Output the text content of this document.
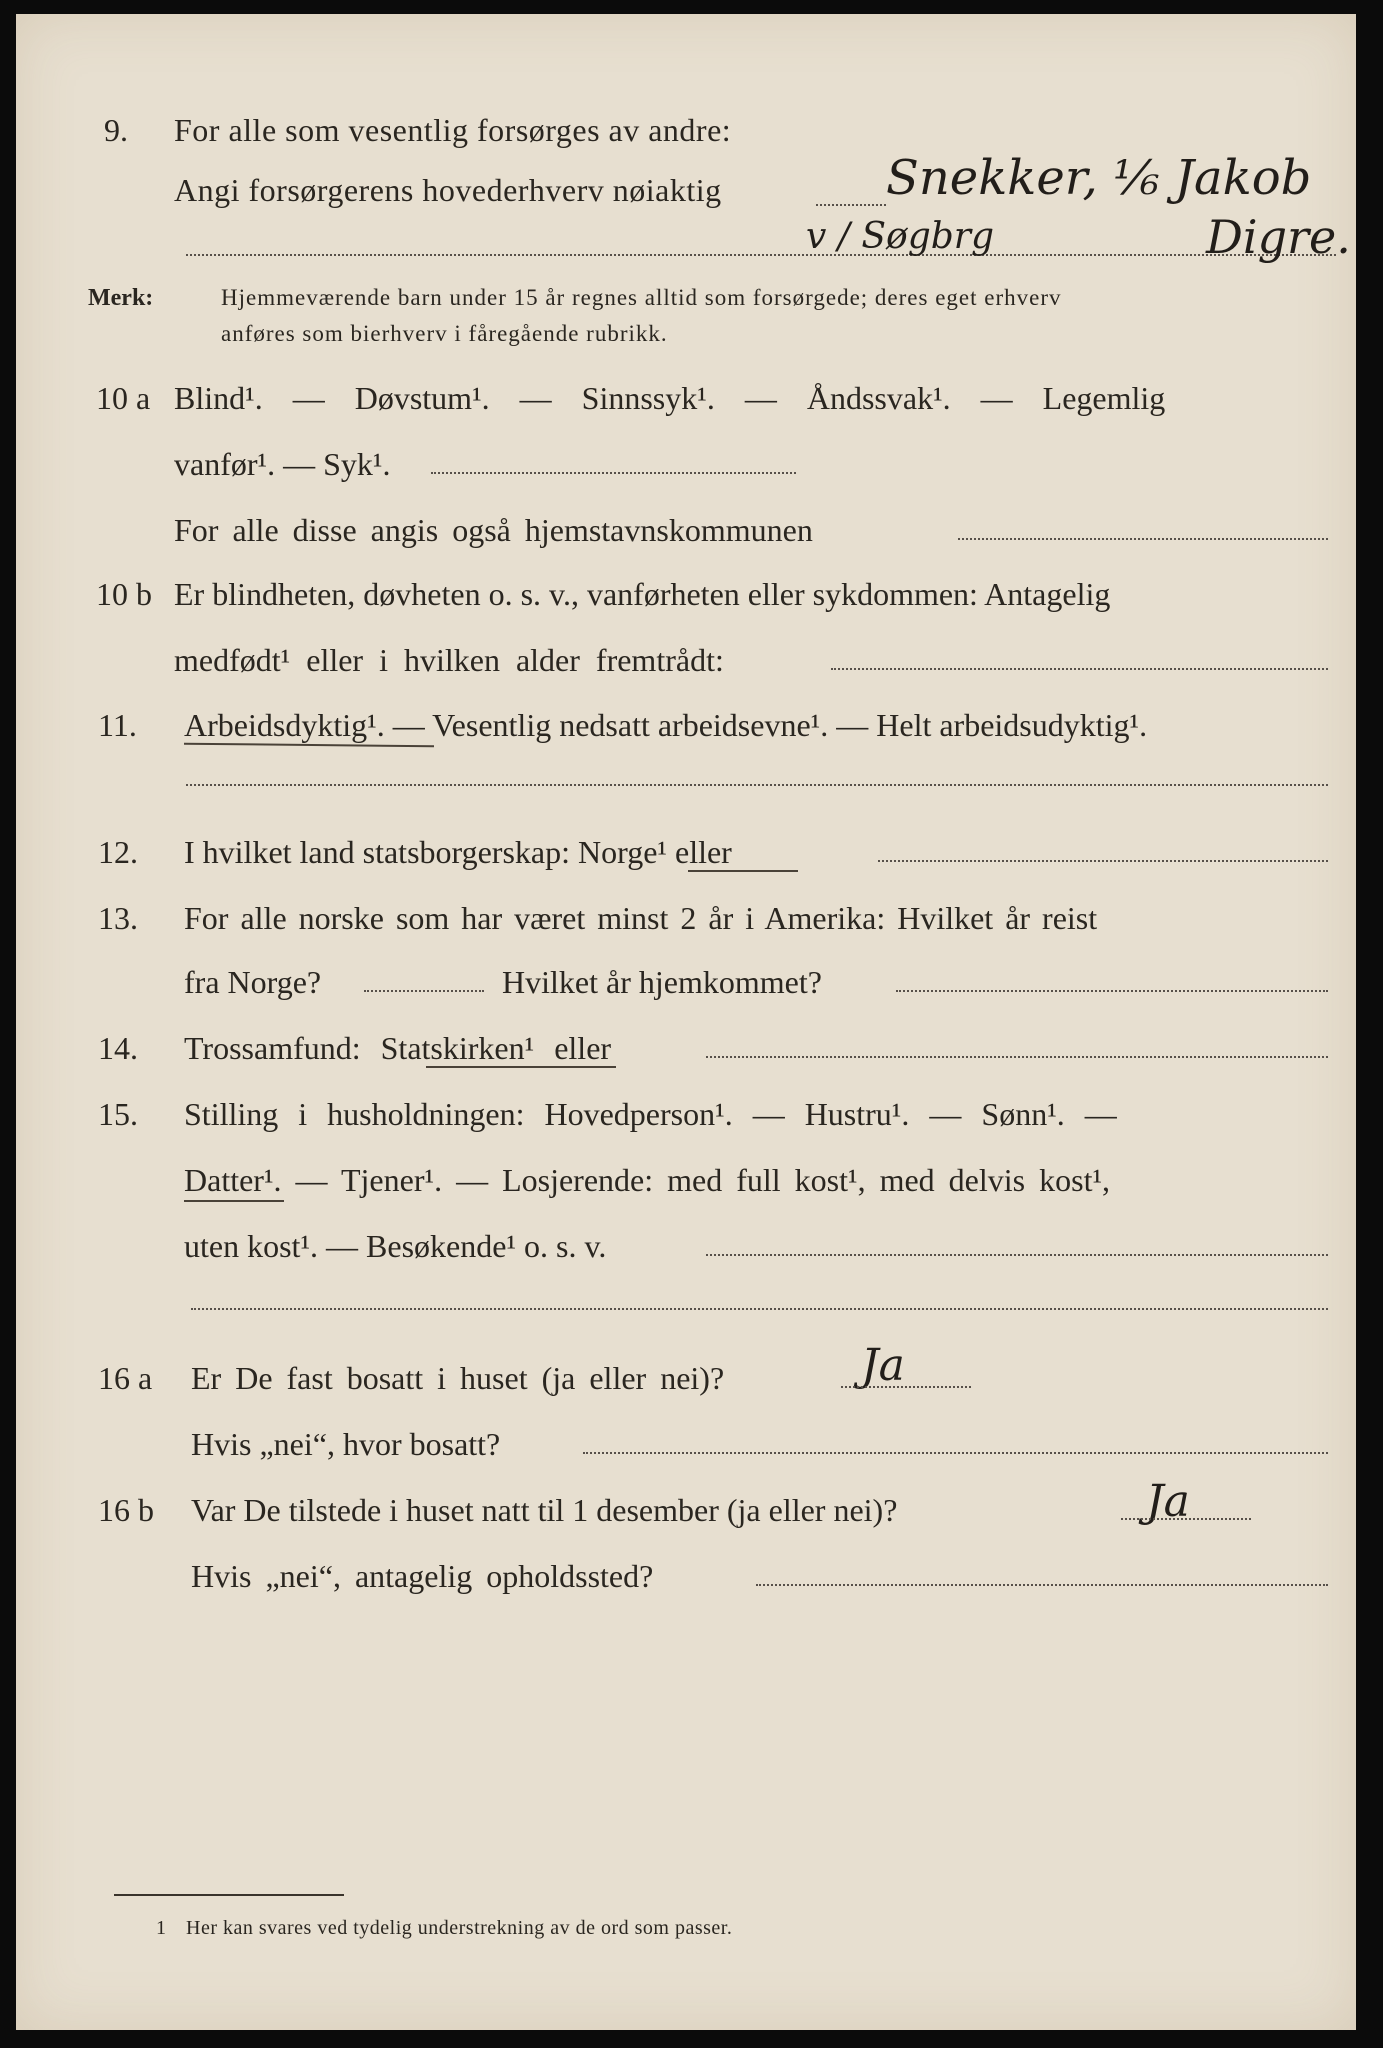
9. For alle som vesentlig forsørges av andre:
Angi forsørgerens hovederhverv nøiaktig	Snekker, ⅙ Jakob
Digre.
v / Søgbrg
Merk:	Hjemmeværende barn under 15 år regnes alltid som forsørgede; deres eget erhverv
anføres som bierhverv i fåregående rubrikk.
10 a Blind¹. — Døvstum¹. — Sinnssyk¹. — Åndssvak¹. — Legemlig
vanfør¹. — Syk¹.
For alle disse angis også hjemstavnskommunen
10 b Er blindheten, døvheten o. s. v., vanførheten eller sykdommen: Antagelig
medfødt¹ eller i hvilken alder fremtrådt:
11. Arbeidsdyktig¹. — Vesentlig nedsatt arbeidsevne¹. — Helt arbeidsudyktig¹.
12. I hvilket land statsborgerskap: Norge¹ eller
13. For alle norske som har været minst 2 år i Amerika: Hvilket år reist
fra Norge?	Hvilket år hjemkommet?
14. Trossamfund: Statskirken¹ eller
15. Stilling i husholdningen: Hovedperson¹. — Hustru¹. — Sønn¹. —
Datter¹. — Tjener¹. — Losjerende: med full kost¹, med delvis kost¹,
uten kost¹. — Besøkende¹ o. s. v.
16 a Er De fast bosatt i huset (ja eller nei)?	Ja
Hvis „nei“, hvor bosatt?
16 b Var De tilstede i huset natt til 1 desember (ja eller nei)?	Ja
Hvis „nei“, antagelig opholdssted?
1 Her kan svares ved tydelig understrekning av de ord som passer.
